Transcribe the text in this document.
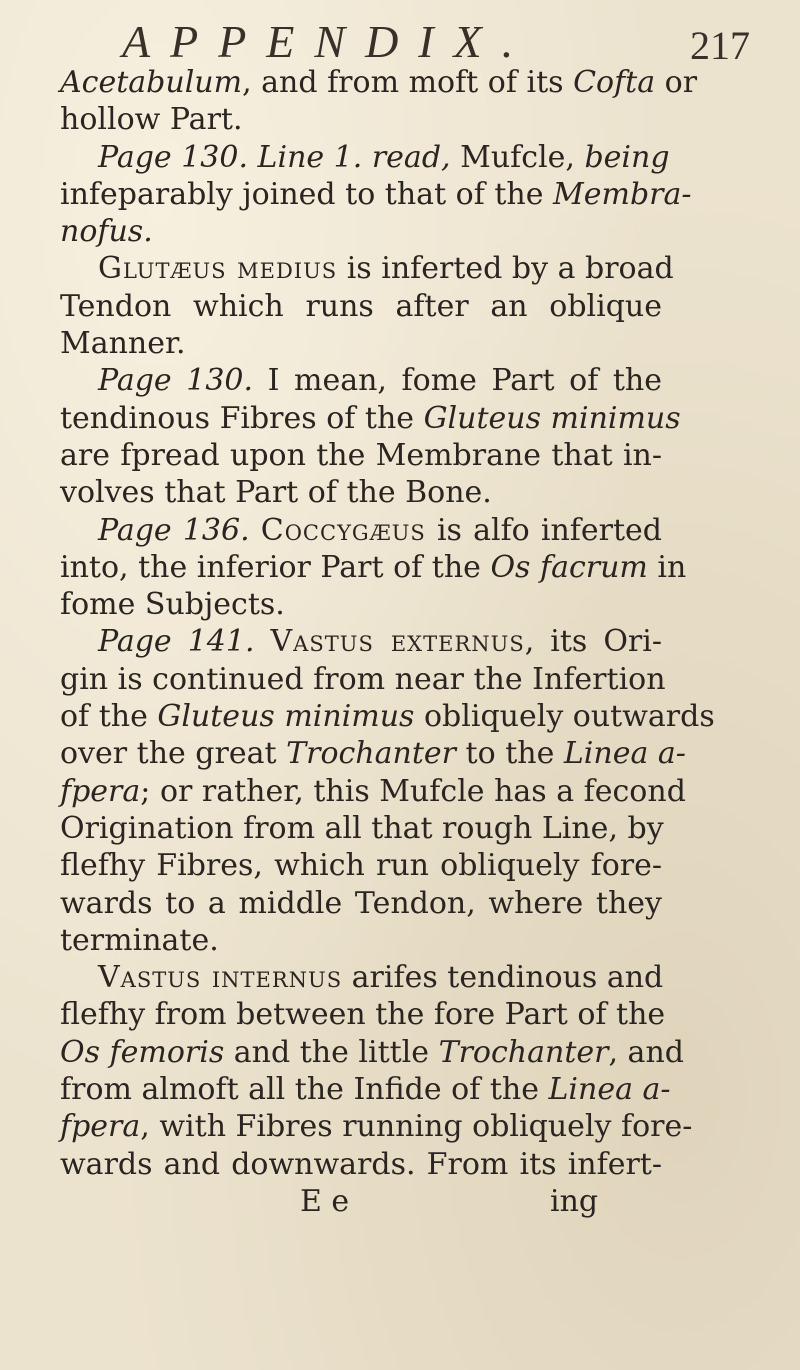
APPENDIX.	217
Acetabulum, and from moft of its Cofta or
hollow Part.
Page 130. Line 1. read, Mufcle, being
infeparably joined to that of the Membra-
nofus.
Glutæus medius is inferted by a broad
Tendon which runs after an oblique
Manner.
Page 130. I mean, fome Part of the
tendinous Fibres of the Gluteus minimus
are fpread upon the Membrane that in-
volves that Part of the Bone.
Page 136. Coccygæus is alfo inferted
into, the inferior Part of the Os facrum in
fome Subjects.
Page 141. Vastus externus, its Ori-
gin is continued from near the Infertion
of the Gluteus minimus obliquely outwards
over the great Trochanter to the Linea a-
fpera; or rather, this Mufcle has a fecond
Origination from all that rough Line, by
flefhy Fibres, which run obliquely fore-
wards to a middle Tendon, where they
terminate.
Vastus internus arifes tendinous and
flefhy from between the fore Part of the
Os femoris and the little Trochanter, and
from almoft all the Infide of the Linea a-
fpera, with Fibres running obliquely fore-
wards and downwards. From its infert-
E e	ing
